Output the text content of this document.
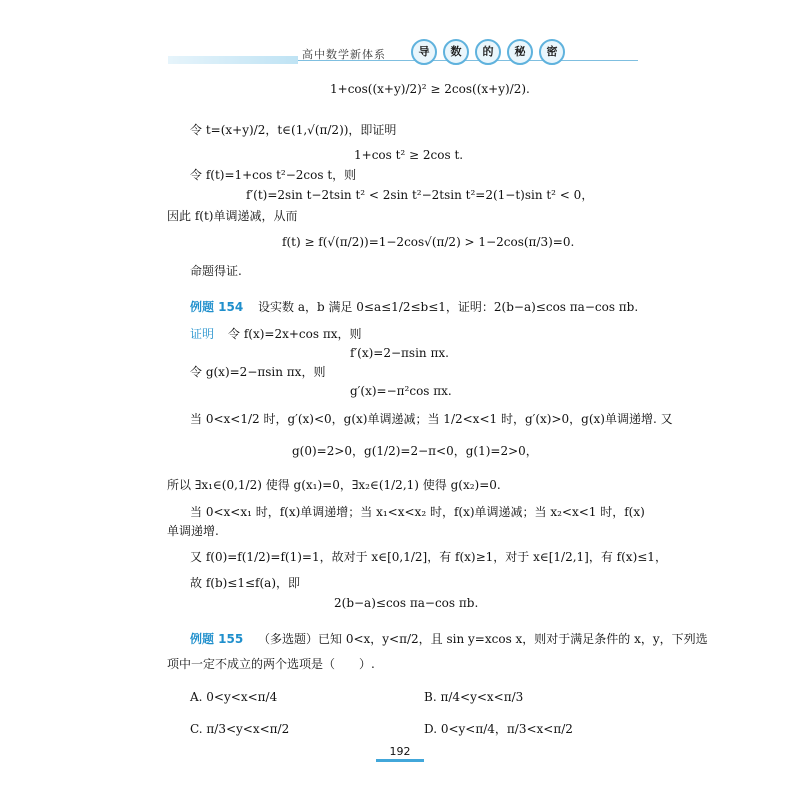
高中数学新体系	导	数	的	秘	密
1+cos((x+y)/2)² ≥ 2cos((x+y)/2).
令 t=(x+y)/2，t∈(1,√(π/2))，即证明
1+cos t² ≥ 2cos t.
令 f(t)=1+cos t²−2cos t，则
f′(t)=2sin t−2tsin t² < 2sin t²−2tsin t²=2(1−t)sin t² < 0，
因此 f(t)单调递减，从而
f(t) ≥ f(√(π/2))=1−2cos√(π/2) > 1−2cos(π/3)=0.
命题得证.
例题 154 设实数 a，b 满足 0≤a≤1/2≤b≤1，证明：2(b−a)≤cos πa−cos πb.
证明 令 f(x)=2x+cos πx，则
f′(x)=2−πsin πx.
令 g(x)=2−πsin πx，则
g′(x)=−π²cos πx.
当 0<x<1/2 时，g′(x)<0，g(x)单调递减；当 1/2<x<1 时，g′(x)>0，g(x)单调递增. 又
g(0)=2>0，g(1/2)=2−π<0，g(1)=2>0，
所以 ∃x₁∈(0,1/2) 使得 g(x₁)=0，∃x₂∈(1/2,1) 使得 g(x₂)=0.
当 0<x<x₁ 时，f(x)单调递增；当 x₁<x<x₂ 时，f(x)单调递减；当 x₂<x<1 时，f(x)
单调递增.
又 f(0)=f(1/2)=f(1)=1，故对于 x∈[0,1/2]，有 f(x)≥1，对于 x∈[1/2,1]，有 f(x)≤1，
故 f(b)≤1≤f(a)，即
2(b−a)≤cos πa−cos πb.
例题 155 （多选题）已知 0<x，y<π/2，且 sin y=xcos x，则对于满足条件的 x，y，下列选
项中一定不成立的两个选项是（　　）.
A. 0<y<x<π/4	B. π/4<y<x<π/3
C. π/3<y<x<π/2	D. 0<y<π/4，π/3<x<π/2
192
